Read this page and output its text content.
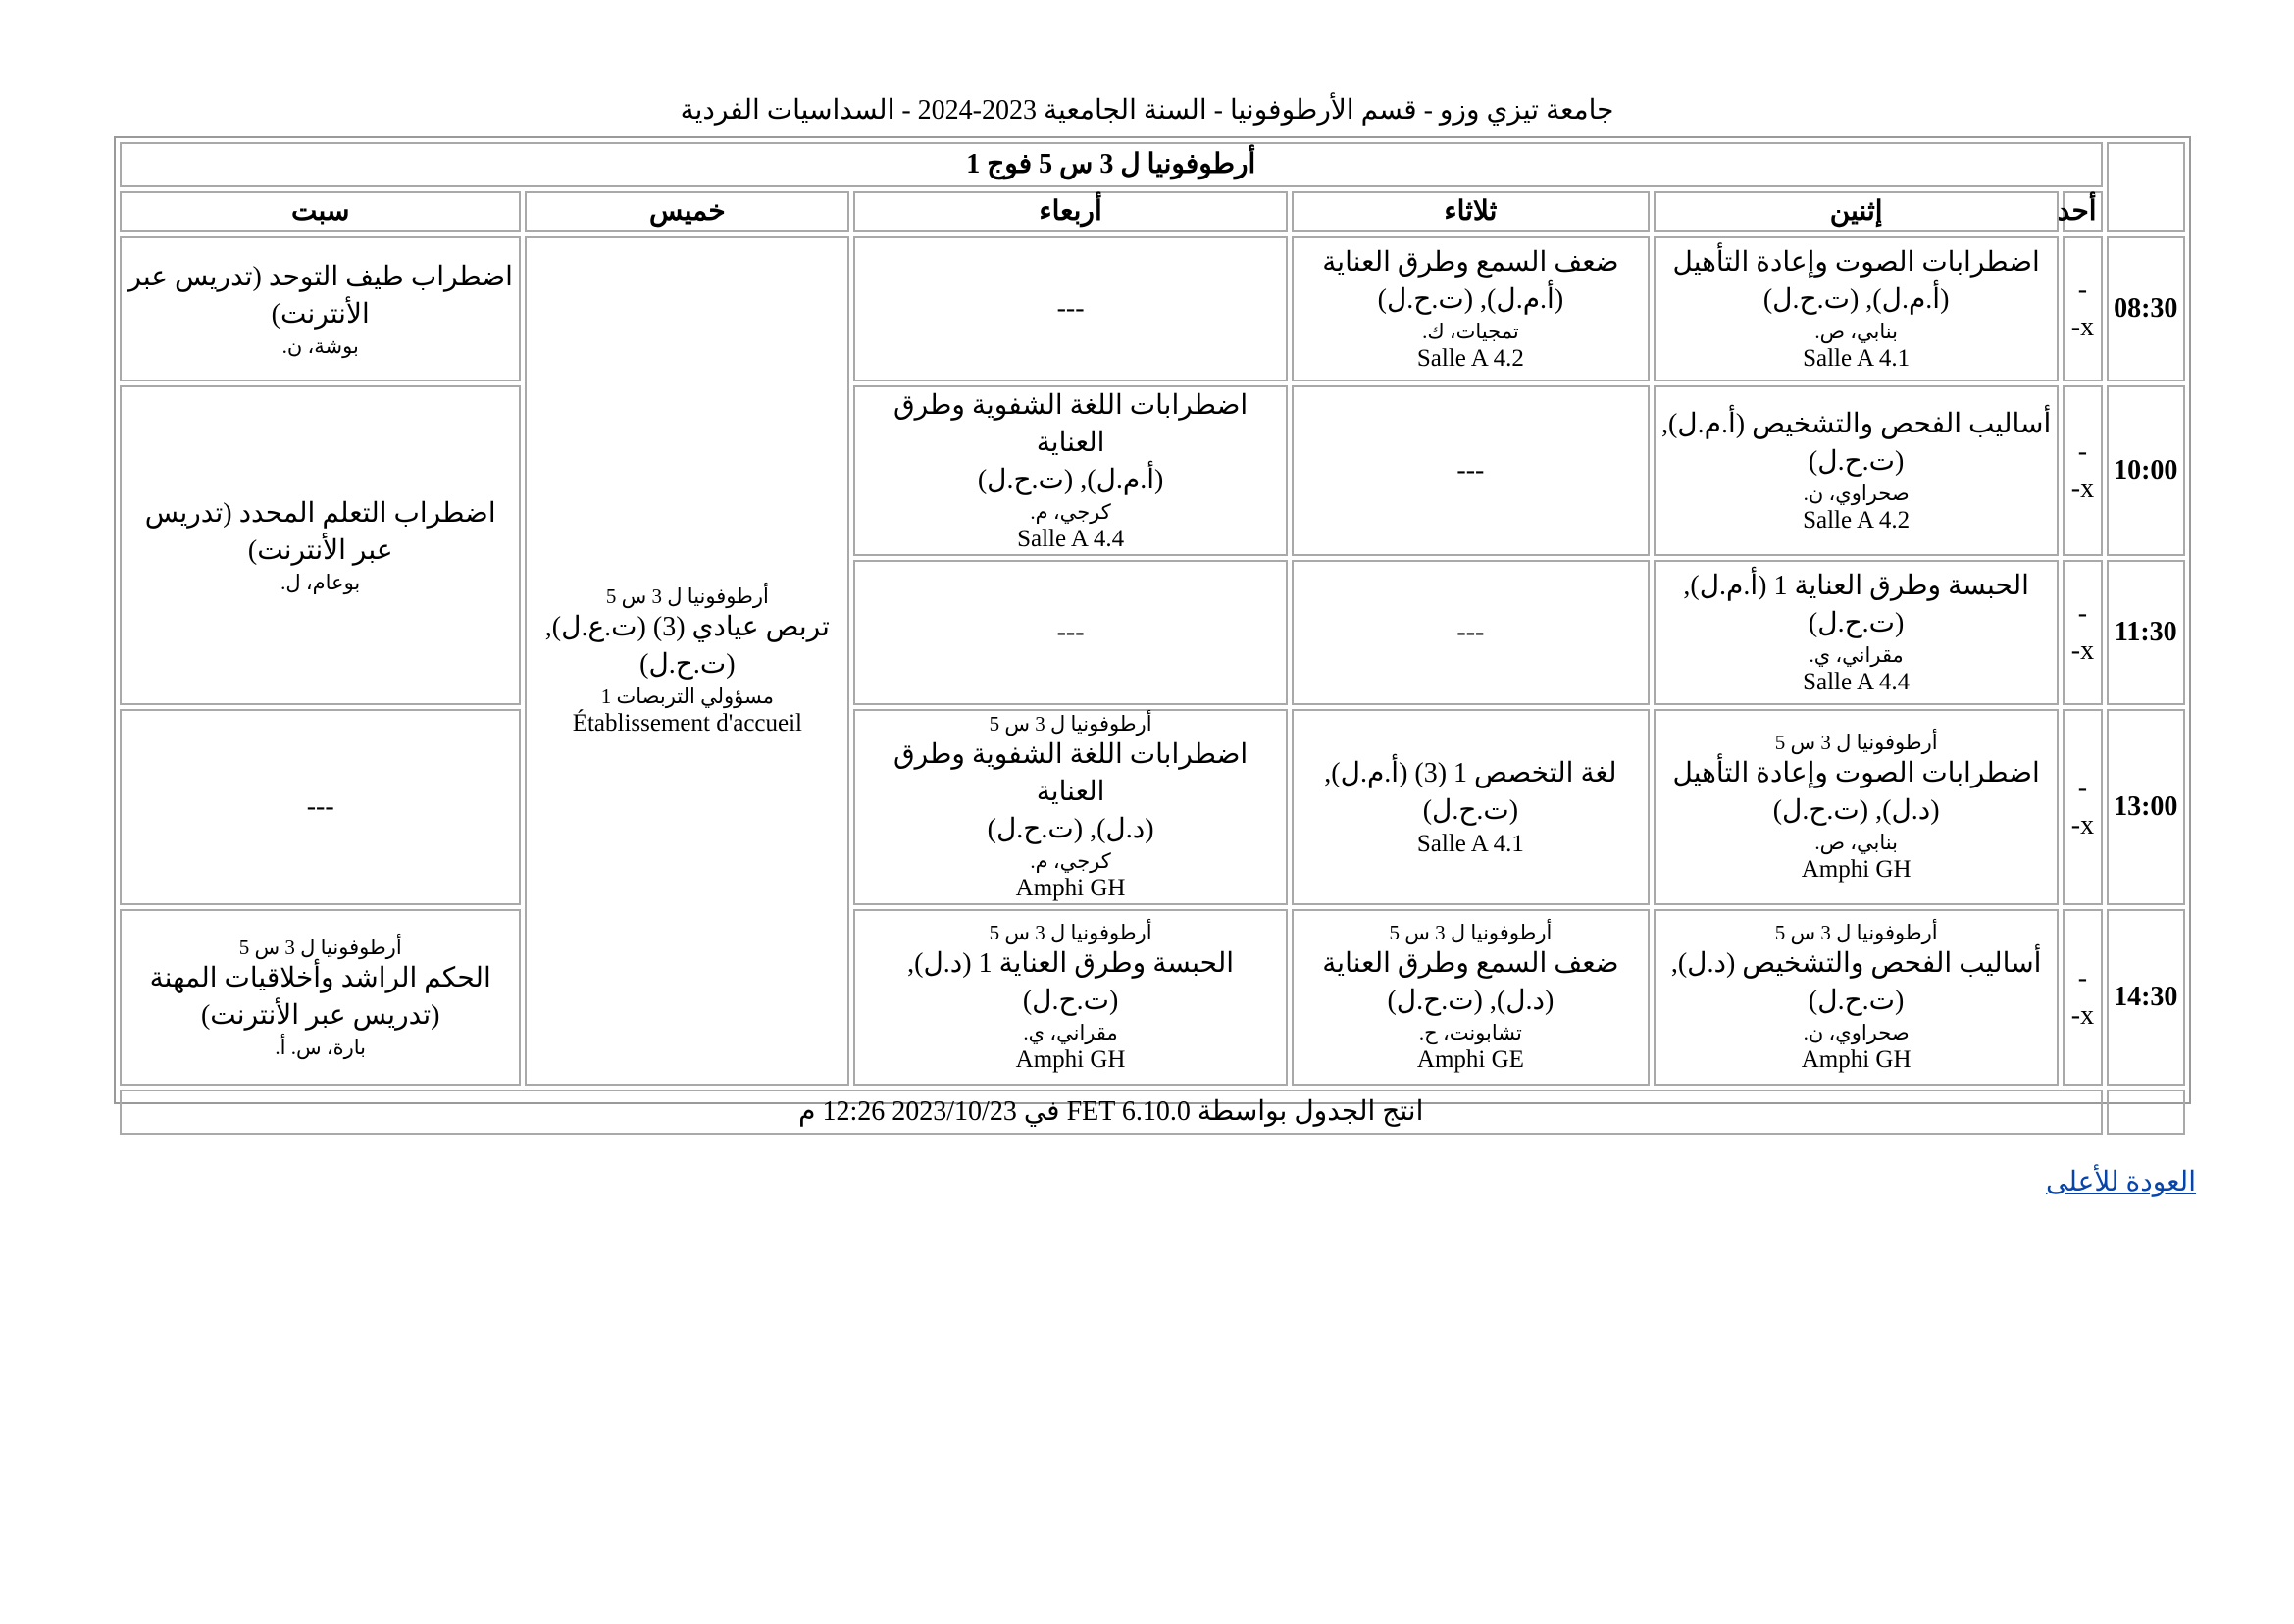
جامعة تيزي وزو - قسم الأرطوفونيا - السنة الجامعية 2023-2024 - السداسيات الفردية
	أرطوفونيا ل 3 س 5 فوج 1					
	أحد	إثنين	ثلاثاء	أربعاء	خميس	سبت
08:30	-x-	اضطرابات الصوت وإعادة التأهيل
(أ.م.ل), (ت.ح.ل)
بنابي، ص.
Salle A 4.1	ضعف السمع وطرق العناية
(أ.م.ل), (ت.ح.ل)
تمجيات، ك.
Salle A 4.2	---	أرطوفونيا ل 3 س 5
تربص عيادي (3) (ت.ع.ل),
(ت.ح.ل)
مسؤولي التربصات 1
Établissement d'accueil	اضطراب طيف التوحد (تدريس عبر الأنترنت)
بوشة، ن.

10:00	-x-	أساليب الفحص والتشخيص (أ.م.ل),
(ت.ح.ل)
صحراوي، ن.
Salle A 4.2	---	اضطرابات اللغة الشفوية وطرق العناية
(أ.م.ل), (ت.ح.ل)
كرجي، م.
Salle A 4.4		اضطراب التعلم المحدد (تدريس عبر الأنترنت)
بوعام، ل.

11:30	-x-	الحبسة وطرق العناية 1 (أ.م.ل),
(ت.ح.ل)
مقراني، ي.
Salle A 4.4	---	---		
13:00	-x-	أرطوفونيا ل 3 س 5
اضطرابات الصوت وإعادة التأهيل
(د.ل), (ت.ح.ل)
بنابي، ص.
Amphi GH	لغة التخصص 1 (3) (أ.م.ل),
(ت.ح.ل)
Salle A 4.1	أرطوفونيا ل 3 س 5
اضطرابات اللغة الشفوية وطرق العناية
(د.ل), (ت.ح.ل)
كرجي، م.
Amphi GH		---
14:30	-x-	أرطوفونيا ل 3 س 5
أساليب الفحص والتشخيص (د.ل),
(ت.ح.ل)
صحراوي، ن.
Amphi GH	أرطوفونيا ل 3 س 5
ضعف السمع وطرق العناية
(د.ل), (ت.ح.ل)
تشابونت، ح.
Amphi GE	أرطوفونيا ل 3 س 5
الحبسة وطرق العناية 1 (د.ل), (ت.ح.ل)
مقراني، ي.
Amphi GH		أرطوفونيا ل 3 س 5
الحكم الراشد وأخلاقيات المهنة (تدريس عبر الأنترنت)
بارة، س. أ.

	انتج الجدول بواسطة FET 6.10.0 في 2023/10/23 12:26 م					
العودة للأعلى
